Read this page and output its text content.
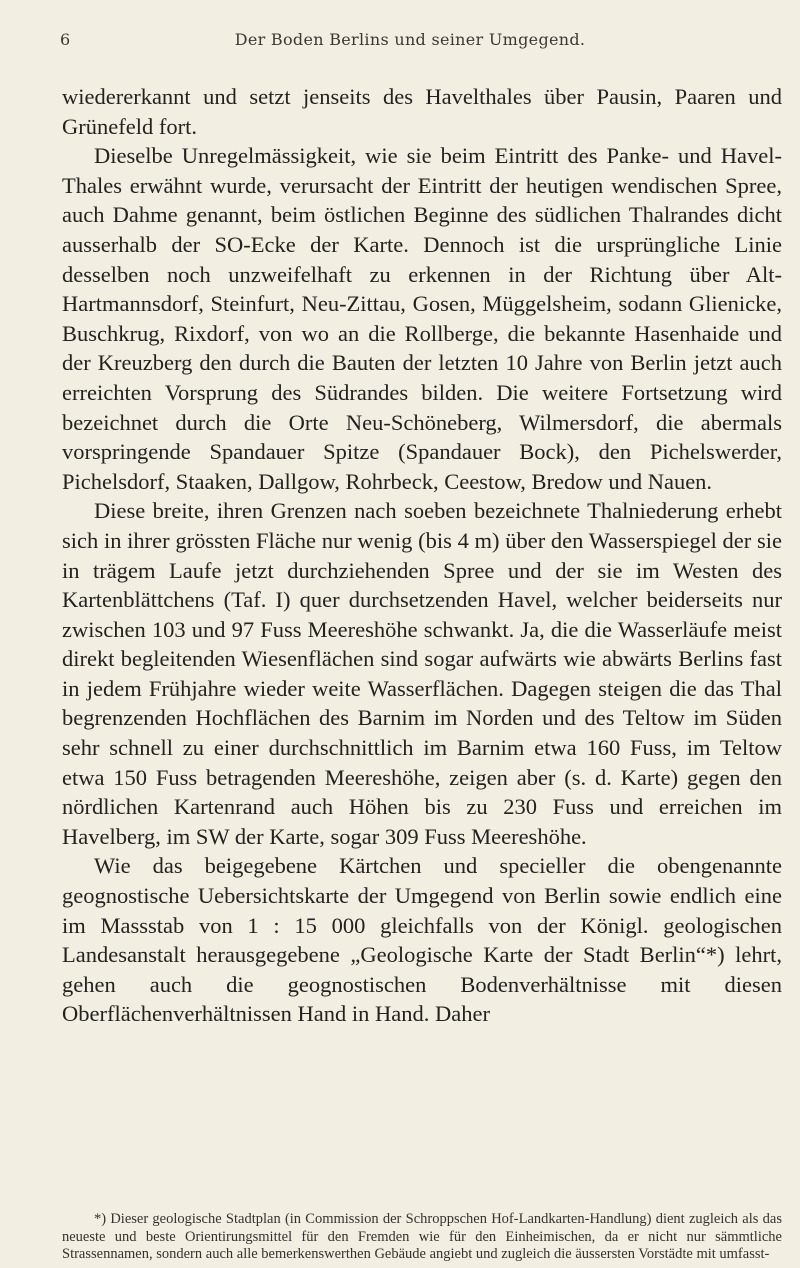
6	Der Boden Berlins und seiner Umgegend.

wiedererkannt und setzt jenseits des Havelthales über Pausin, Paaren und Grünefeld fort.

Dieselbe Unregelmässigkeit, wie sie beim Eintritt des Panke- und Havel-Thales erwähnt wurde, verursacht der Eintritt der heutigen wendischen Spree, auch Dahme genannt, beim östlichen Beginne des südlichen Thalrandes dicht ausserhalb der SO-Ecke der Karte. Dennoch ist die ursprüngliche Linie desselben noch unzweifelhaft zu erkennen in der Richtung über Alt-Hartmannsdorf, Steinfurt, Neu-Zittau, Gosen, Müggelsheim, sodann Glienicke, Buschkrug, Rixdorf, von wo an die Rollberge, die bekannte Hasenhaide und der Kreuzberg den durch die Bauten der letzten 10 Jahre von Berlin jetzt auch erreichten Vorsprung des Südrandes bilden. Die weitere Fortsetzung wird bezeichnet durch die Orte Neu-Schöneberg, Wilmersdorf, die abermals vorspringende Spandauer Spitze (Spandauer Bock), den Pichelswerder, Pichelsdorf, Staaken, Dallgow, Rohrbeck, Ceestow, Bredow und Nauen.

Diese breite, ihren Grenzen nach soeben bezeichnete Thalniederung erhebt sich in ihrer grössten Fläche nur wenig (bis 4 m) über den Wasserspiegel der sie in trägem Laufe jetzt durchziehenden Spree und der sie im Westen des Kartenblättchens (Taf. I) quer durchsetzenden Havel, welcher beiderseits nur zwischen 103 und 97 Fuss Meereshöhe schwankt. Ja, die die Wasserläufe meist direkt begleitenden Wiesenflächen sind sogar aufwärts wie abwärts Berlins fast in jedem Frühjahre wieder weite Wasserflächen. Dagegen steigen die das Thal begrenzenden Hochflächen des Barnim im Norden und des Teltow im Süden sehr schnell zu einer durchschnittlich im Barnim etwa 160 Fuss, im Teltow etwa 150 Fuss betragenden Meereshöhe, zeigen aber (s. d. Karte) gegen den nördlichen Kartenrand auch Höhen bis zu 230 Fuss und erreichen im Havelberg, im SW der Karte, sogar 309 Fuss Meereshöhe.

Wie das beigegebene Kärtchen und specieller die obengenannte geognostische Uebersichtskarte der Umgegend von Berlin sowie endlich eine im Massstab von 1 : 15 000 gleichfalls von der Königl. geologischen Landesanstalt herausgegebene „Geologische Karte der Stadt Berlin“*) lehrt, gehen auch die geognostischen Bodenverhältnisse mit diesen Oberflächenverhältnissen Hand in Hand. Daher

*) Dieser geologische Stadtplan (in Commission der Schroppschen Hof-Landkarten-Handlung) dient zugleich als das neueste und beste Orientirungsmittel für den Fremden wie für den Einheimischen, da er nicht nur sämmtliche Strassennamen, sondern auch alle bemerkenswerthen Gebäude angiebt und zugleich die äussersten Vorstädte mit umfasst-
